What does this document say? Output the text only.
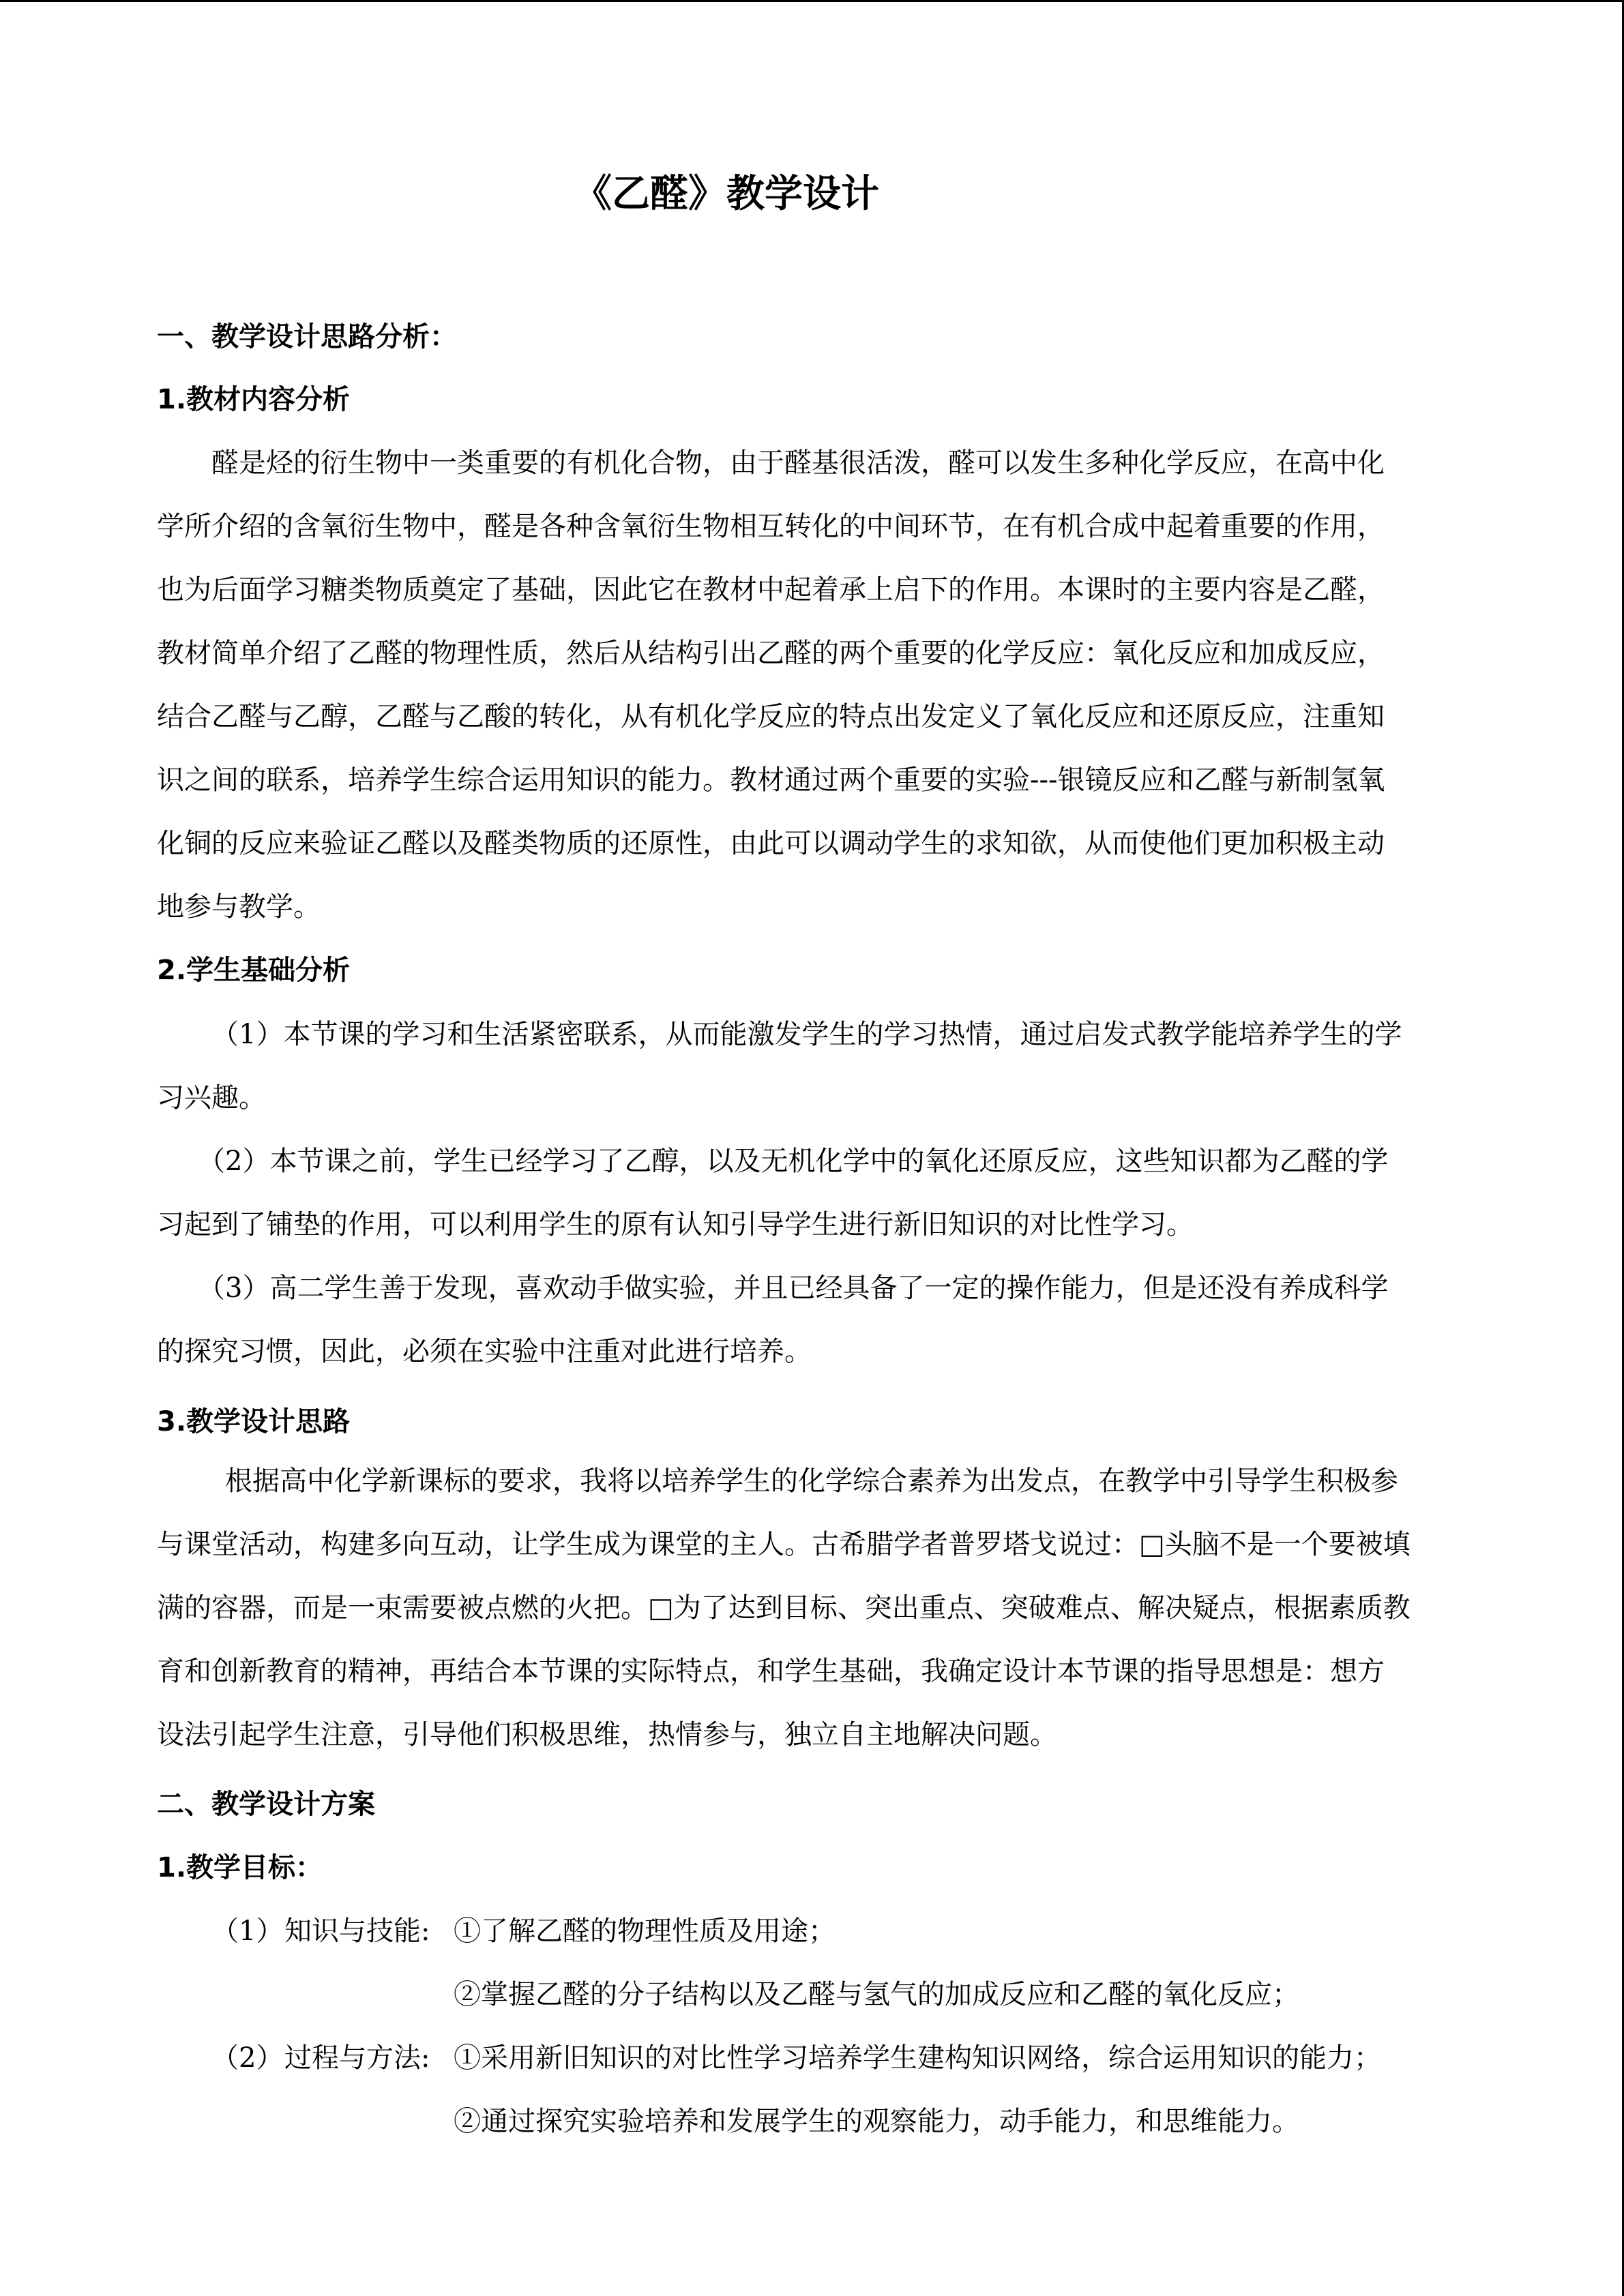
《乙醛》教学设计
一、教学设计思路分析：
1.教材内容分析
醛是烃的衍生物中一类重要的有机化合物，由于醛基很活泼，醛可以发生多种化学反应，在高中化
学所介绍的含氧衍生物中，醛是各种含氧衍生物相互转化的中间环节，在有机合成中起着重要的作用，
也为后面学习糖类物质奠定了基础，因此它在教材中起着承上启下的作用。本课时的主要内容是乙醛，
教材简单介绍了乙醛的物理性质，然后从结构引出乙醛的两个重要的化学反应：氧化反应和加成反应，
结合乙醛与乙醇，乙醛与乙酸的转化，从有机化学反应的特点出发定义了氧化反应和还原反应，注重知
识之间的联系，培养学生综合运用知识的能力。教材通过两个重要的实验---银镜反应和乙醛与新制氢氧
化铜的反应来验证乙醛以及醛类物质的还原性，由此可以调动学生的求知欲，从而使他们更加积极主动
地参与教学。
2.学生基础分析
（1）本节课的学习和生活紧密联系，从而能激发学生的学习热情，通过启发式教学能培养学生的学
习兴趣。
（2）本节课之前，学生已经学习了乙醇，以及无机化学中的氧化还原反应，这些知识都为乙醛的学
习起到了铺垫的作用，可以利用学生的原有认知引导学生进行新旧知识的对比性学习。
（3）高二学生善于发现，喜欢动手做实验，并且已经具备了一定的操作能力，但是还没有养成科学
的探究习惯，因此，必须在实验中注重对此进行培养。
3.教学设计思路
根据高中化学新课标的要求，我将以培养学生的化学综合素养为出发点，在教学中引导学生积极参
与课堂活动，构建多向互动，让学生成为课堂的主人。古希腊学者普罗塔戈说过：□头脑不是一个要被填
满的容器，而是一束需要被点燃的火把。□为了达到目标、突出重点、突破难点、解决疑点，根据素质教
育和创新教育的精神，再结合本节课的实际特点，和学生基础，我确定设计本节课的指导思想是：想方
设法引起学生注意，引导他们积极思维，热情参与，独立自主地解决问题。
二、教学设计方案
1.教学目标：
（1） 知识与技能: ①了解乙醛的物理性质及用途；
②掌握乙醛的分子结构以及乙醛与氢气的加成反应和乙醛的氧化反应；
（2） 过程与方法: ①采用新旧知识的对比性学习培养学生建构知识网络，综合运用知识的能力；
②通过探究实验培养和发展学生的观察能力，动手能力，和思维能力。
